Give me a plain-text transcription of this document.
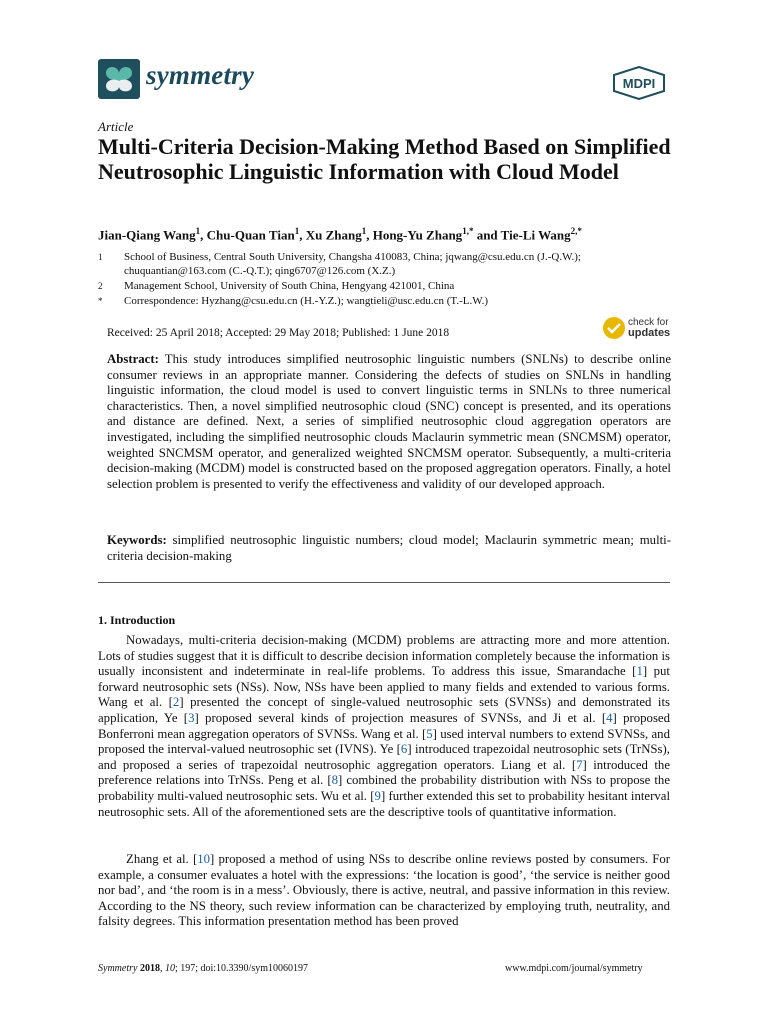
symmetry	MDPI
Article
Multi-Criteria Decision-Making Method Based on Simplified Neutrosophic Linguistic Information with Cloud Model
Jian-Qiang Wang$^1$, Chu-Quan Tian$^1$, Xu Zhang$^1$, Hong-Yu Zhang$^{1,*}$ and Tie-Li Wang$^{2,*}$
1 School of Business, Central South University, Changsha 410083, China; jqwang@csu.edu.cn (J.-Q.W.); chuquantian@163.com (C.-Q.T.); qing6707@126.com (X.Z.)
2 Management School, University of South China, Hengyang 421001, China
* Correspondence: Hyzhang@csu.edu.cn (H.-Y.Z.); wangtieli@usc.edu.cn (T.-L.W.)
Received: 25 April 2018; Accepted: 29 May 2018; Published: 1 June 2018
check for
updates
Abstract: This study introduces simplified neutrosophic linguistic numbers (SNLNs) to describe online consumer reviews in an appropriate manner. Considering the defects of studies on SNLNs in handling linguistic information, the cloud model is used to convert linguistic terms in SNLNs to three numerical characteristics. Then, a novel simplified neutrosophic cloud (SNC) concept is presented, and its operations and distance are defined. Next, a series of simplified neutrosophic cloud aggregation operators are investigated, including the simplified neutrosophic clouds Maclaurin symmetric mean (SNCMSM) operator, weighted SNCMSM operator, and generalized weighted SNCMSM operator. Subsequently, a multi-criteria decision-making (MCDM) model is constructed based on the proposed aggregation operators. Finally, a hotel selection problem is presented to verify the effectiveness and validity of our developed approach.
Keywords: simplified neutrosophic linguistic numbers; cloud model; Maclaurin symmetric mean; multi-criteria decision-making
1. Introduction
Nowadays, multi-criteria decision-making (MCDM) problems are attracting more and more attention. Lots of studies suggest that it is difficult to describe decision information completely because the information is usually inconsistent and indeterminate in real-life problems. To address this issue, Smarandache [1] put forward neutrosophic sets (NSs). Now, NSs have been applied to many fields and extended to various forms. Wang et al. [2] presented the concept of single-valued neutrosophic sets (SVNSs) and demonstrated its application, Ye [3] proposed several kinds of projection measures of SVNSs, and Ji et al. [4] proposed Bonferroni mean aggregation operators of SVNSs. Wang et al. [5] used interval numbers to extend SVNSs, and proposed the interval-valued neutrosophic set (IVNS). Ye [6] introduced trapezoidal neutrosophic sets (TrNSs), and proposed a series of trapezoidal neutrosophic aggregation operators. Liang et al. [7] introduced the preference relations into TrNSs. Peng et al. [8] combined the probability distribution with NSs to propose the probability multi-valued neutrosophic sets. Wu et al. [9] further extended this set to probability hesitant interval neutrosophic sets. All of the aforementioned sets are the descriptive tools of quantitative information.
Zhang et al. [10] proposed a method of using NSs to describe online reviews posted by consumers. For example, a consumer evaluates a hotel with the expressions: ‘the location is good’, ‘the service is neither good nor bad’, and ‘the room is in a mess’. Obviously, there is active, neutral, and passive information in this review. According to the NS theory, such review information can be characterized by employing truth, neutrality, and falsity degrees. This information presentation method has been proved
Symmetry 2018, 10; 197; doi:10.3390/sym10060197	www.mdpi.com/journal/symmetry
